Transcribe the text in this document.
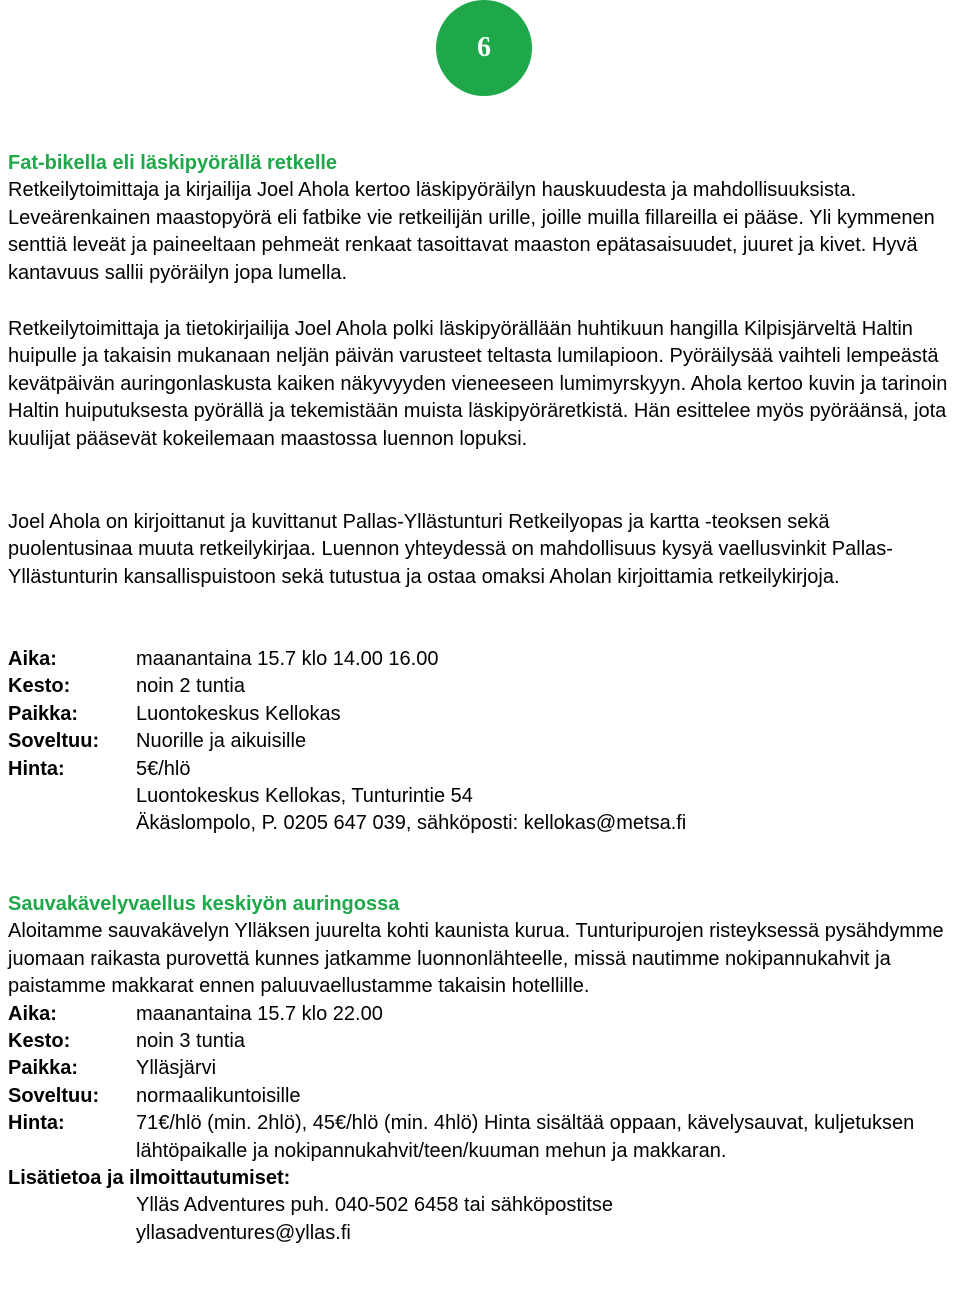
6
Fat-bikella eli läskipyörällä retkelle

Retkeilytoimittaja ja kirjailija Joel Ahola kertoo läskipyöräilyn hauskuudesta ja mahdollisuuksista. Leveärenkainen maastopyörä eli fatbike vie retkeilijän urille, joille muilla fillareilla ei pääse. Yli kymmenen senttiä leveät ja paineeltaan pehmeät renkaat tasoittavat maaston epätasaisuudet, juuret ja kivet. Hyvä kantavuus sallii pyöräilyn jopa lumella.

Retkeilytoimittaja ja tietokirjailija Joel Ahola polki läskipyörällään huhtikuun hangilla Kilpisjärveltä Haltin huipulle ja takaisin mukanaan neljän päivän varusteet teltasta lumilapioon. Pyöräilysää vaihteli lempeästä kevätpäivän auringonlaskusta kaiken näkyvyyden vieneeseen lumimyrskyyn. Ahola kertoo kuvin ja tarinoin Haltin huiputuksesta pyörällä ja tekemistään muista läskipyöräretkistä. Hän esittelee myös pyöräänsä, jota kuulijat pääsevät kokeilemaan maastossa luennon lopuksi.

Joel Ahola on kirjoittanut ja kuvittanut Pallas-Yllästunturi Retkeilyopas ja kartta -teoksen sekä puolentusinaa muuta retkeilykirjaa. Luennon yhteydessä on mahdollisuus kysyä vaellusvinkit Pallas-Yllästunturin kansallispuistoon sekä tutustua ja ostaa omaksi Aholan kirjoittamia retkeilykirjoja.

Aika:	maanantaina 15.7 klo 14.00 16.00
Kesto:	noin 2 tuntia
Paikka:	Luontokeskus Kellokas
Soveltuu:	Nuorille ja aikuisille
Hinta:	5€/hlö
Luontokeskus Kellokas, Tunturintie 54
Äkäslompolo, P. 0205 647 039, sähköposti: kellokas@metsa.fi
Sauvakävelyvaellus keskiyön auringossa

Aloitamme sauvakävelyn Ylläksen juurelta kohti kaunista kurua. Tunturipurojen risteyksessä pysähdymme juomaan raikasta purovettä kunnes jatkamme luonnonlähteelle, missä nautimme nokipannukahvit ja paistamme makkarat ennen paluuvaellustamme takaisin hotellille.

Aika:	maanantaina 15.7 klo 22.00
Kesto:	noin 3 tuntia
Paikka:	Ylläsjärvi
Soveltuu:	normaalikuntoisille
Hinta:	71€/hlö (min. 2hlö), 45€/hlö (min. 4hlö) Hinta sisältää oppaan, kävelysauvat, kuljetuksen lähtöpaikalle ja nokipannukahvit/teen/kuuman mehun ja makkaran.
Lisätietoa ja ilmoittautumiset:
Ylläs Adventures puh. 040-502 6458 tai sähköpostitse
yllasadventures@yllas.fi
